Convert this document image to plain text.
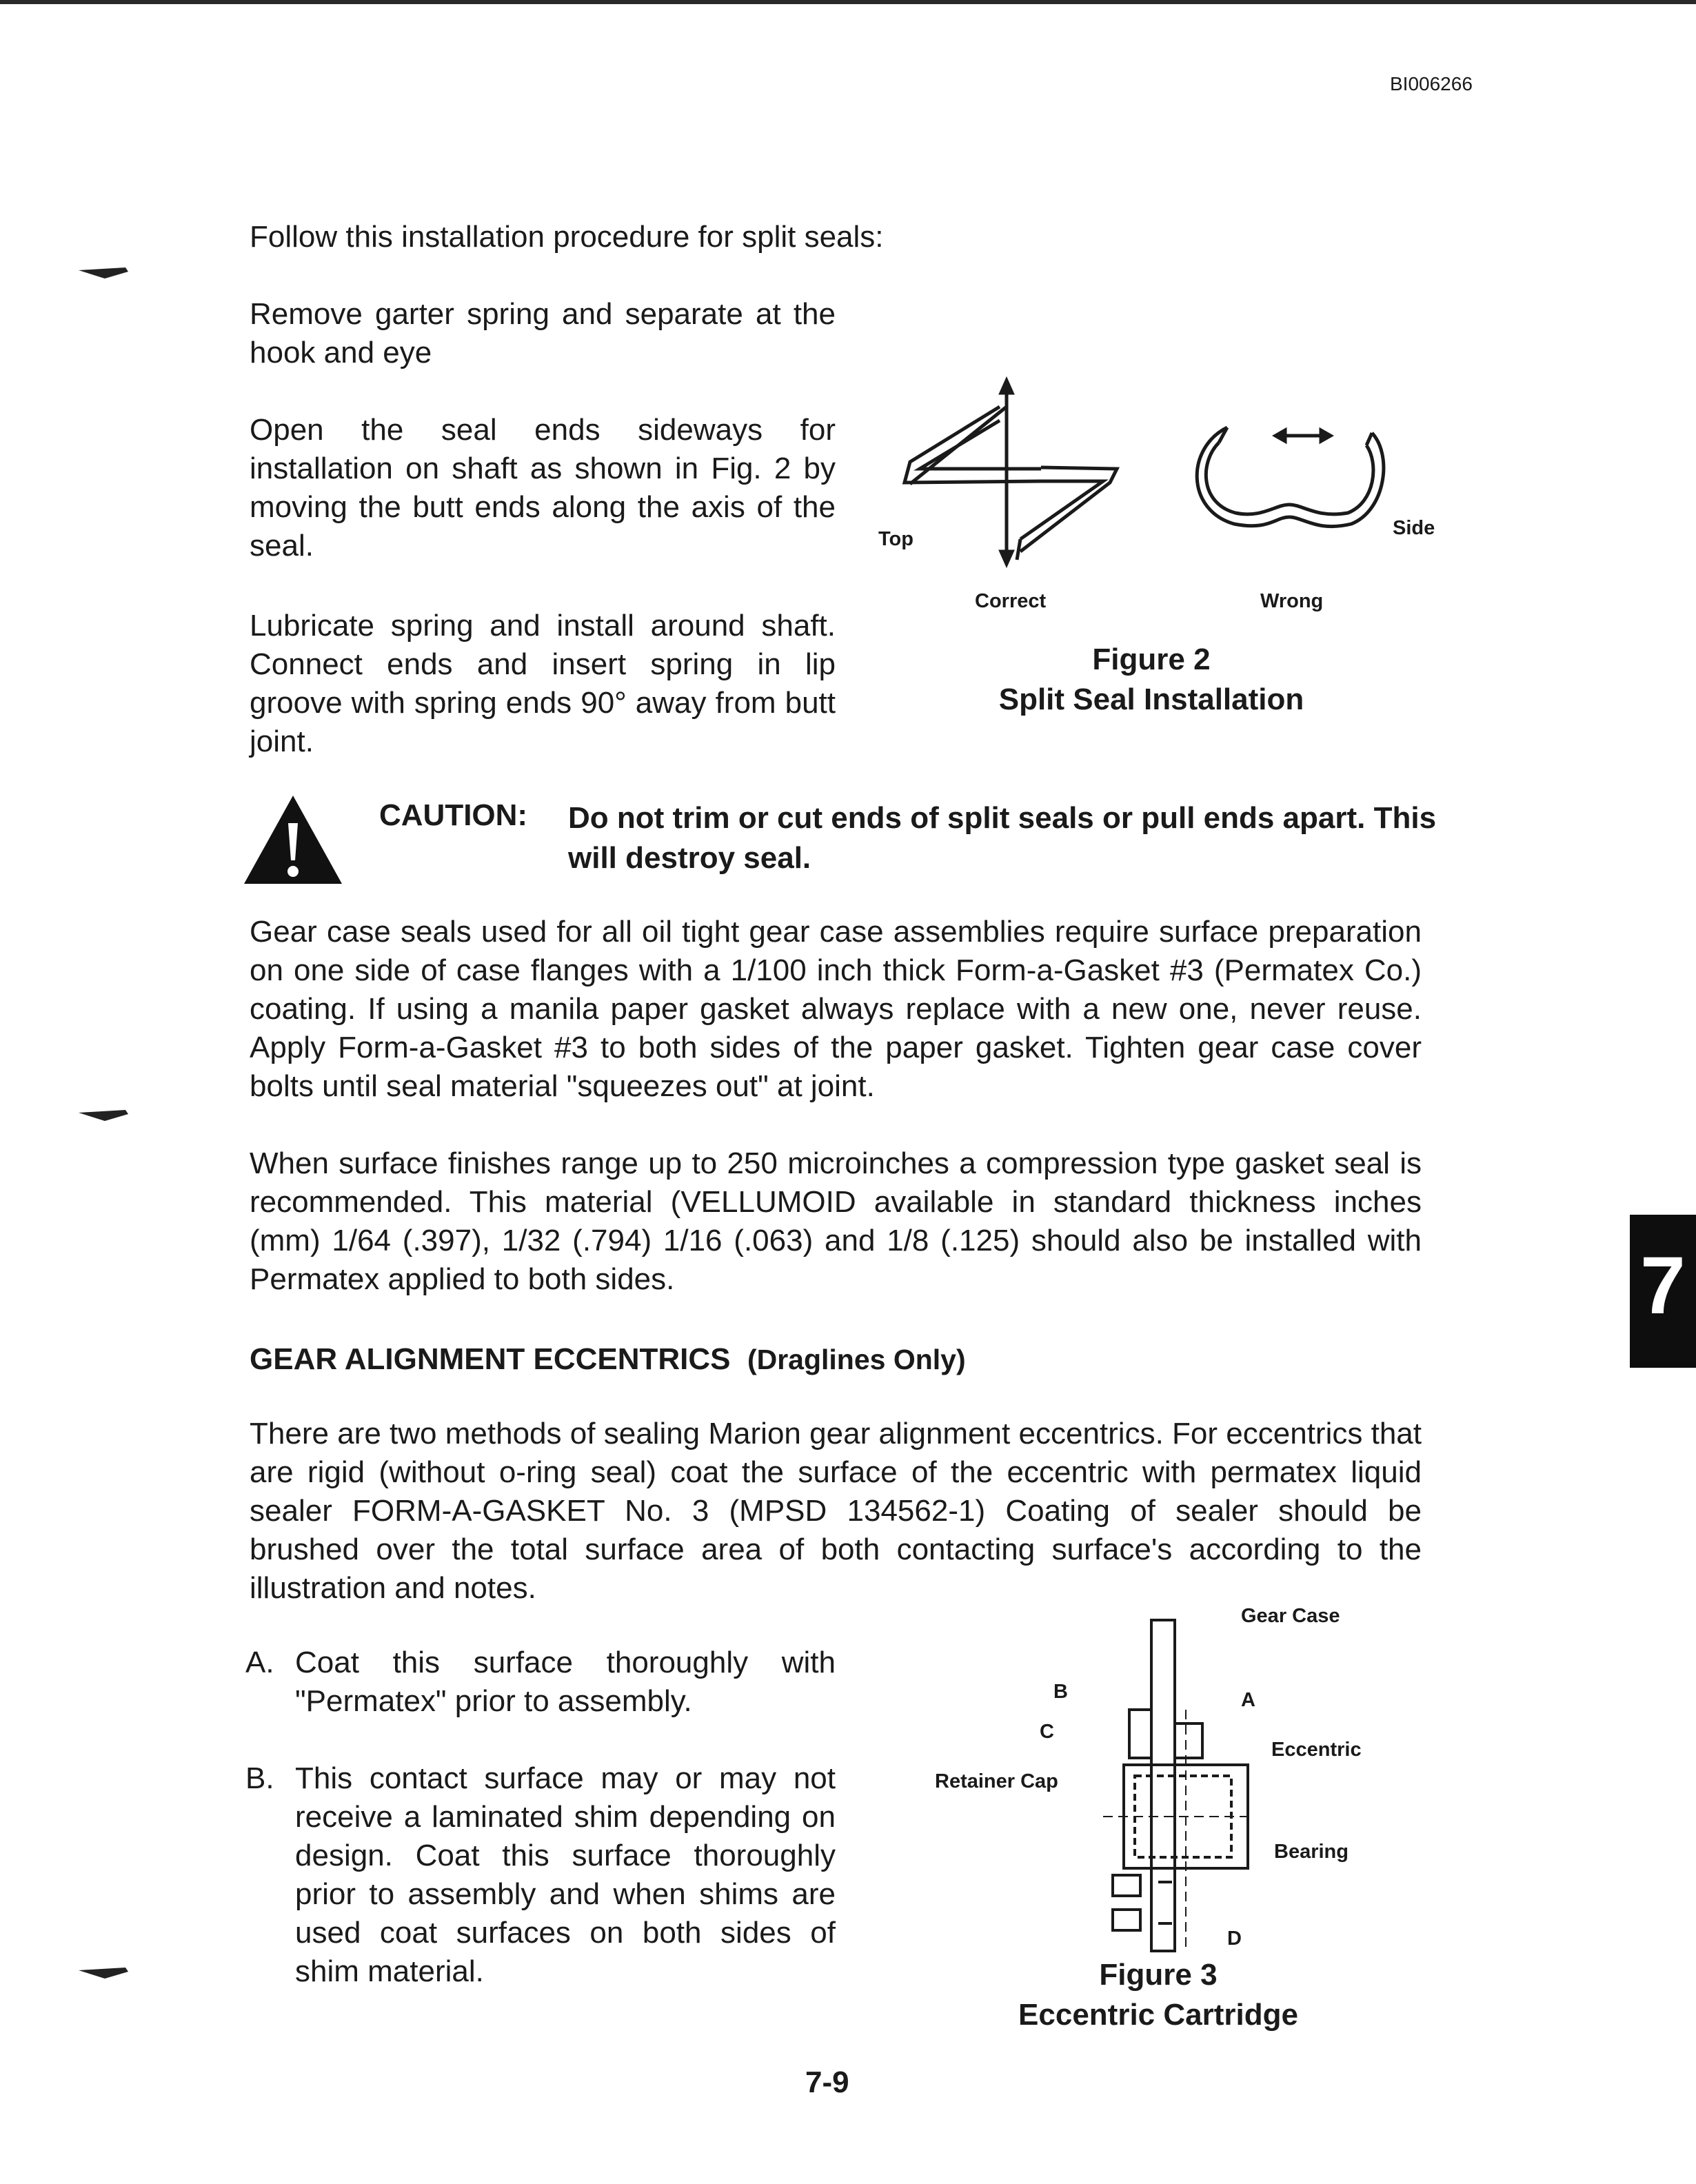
BI006266
Follow this installation procedure for split seals:
Remove garter spring and separate at the hook and eye
Open the seal ends sideways for installation on shaft as shown in Fig. 2 by moving the butt ends along the axis of the seal.
Lubricate spring and install around shaft. Connect ends and insert spring in lip groove with spring ends 90° away from butt joint.
Top	Side
Correct	Wrong
Figure 2
Split Seal Installation
CAUTION: Do not trim or cut ends of split seals or pull ends apart. This will destroy seal.
Gear case seals used for all oil tight gear case assemblies require surface preparation on one side of case flanges with a 1/100 inch thick Form-a-Gasket #3 (Permatex Co.) coating. If using a manila paper gasket always replace with a new one, never reuse. Apply Form-a-Gasket #3 to both sides of the paper gasket. Tighten gear case cover bolts until seal material "squeezes out" at joint.
When surface finishes range up to 250 microinches a compression type gasket seal is recommended. This material (VELLUMOID available in standard thickness inches (mm) 1/64 (.397), 1/32 (.794) 1/16 (.063) and 1/8 (.125) should also be installed with Permatex applied to both sides.
GEAR ALIGNMENT ECCENTRICS (Draglines Only)
There are two methods of sealing Marion gear alignment eccentrics. For eccentrics that are rigid (without o-ring seal) coat the surface of the eccentric with permatex liquid sealer FORM-A-GASKET No. 3 (MPSD 134562-1) Coating of sealer should be brushed over the total surface area of both contacting surface's according to the illustration and notes.
A. Coat this surface thoroughly with "Permatex" prior to assembly.
B. This contact surface may or may not receive a laminated shim depending on design. Coat this surface thoroughly prior to assembly and when shims are used coat surfaces on both sides of shim material.
Gear Case
A
B
C
Eccentric
Retainer Cap
Bearing
D
Figure 3
Eccentric Cartridge
7
7-9
